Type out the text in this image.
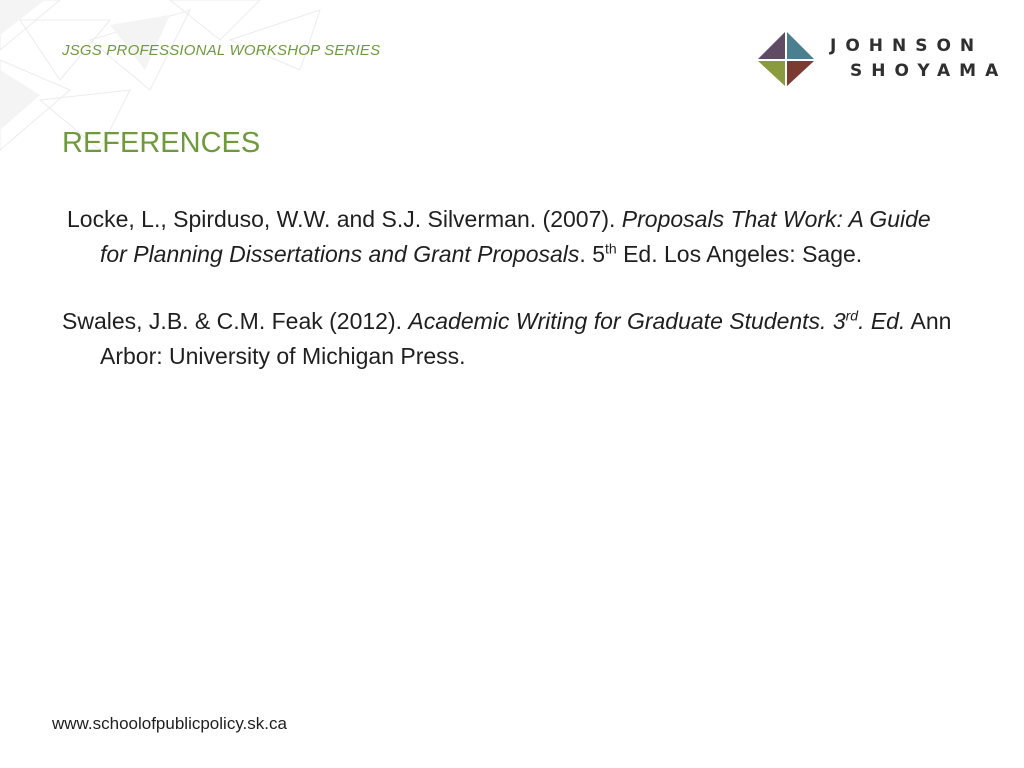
JSGS PROFESSIONAL WORKSHOP SERIES	JOHNSON
SHOYAMA
REFERENCES

Locke, L., Spirduso, W.W. and S.J. Silverman. (2007). Proposals That Work: A Guide for Planning Dissertations and Grant Proposals. 5th Ed. Los Angeles: Sage.

Swales, J.B. & C.M. Feak (2012). Academic Writing for Graduate Students. 3rd. Ed. Ann Arbor: University of Michigan Press.

www.schoolofpublicpolicy.sk.ca
